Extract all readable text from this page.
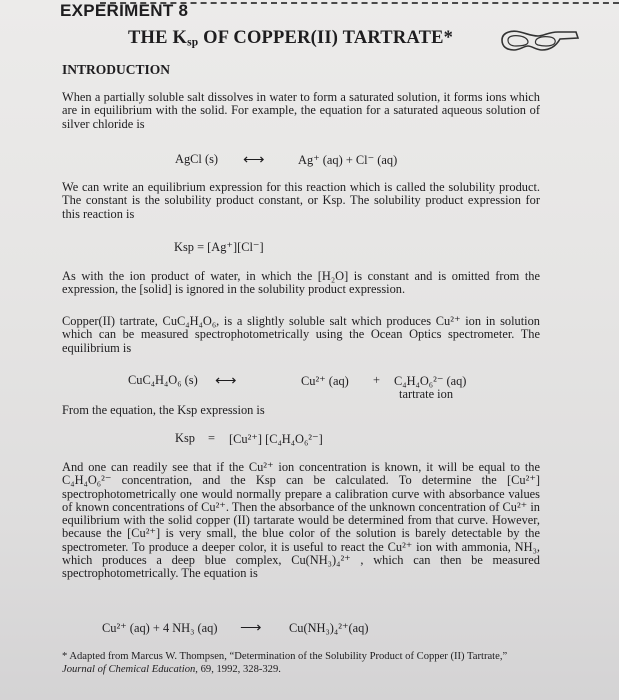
EXPERIMENT 8
THE Ksp OF COPPER(II) TARTRATE*
INTRODUCTION
When a partially soluble salt dissolves in water to form a saturated solution, it forms ions which are in equilibrium with the solid. For example, the equation for a saturated aqueous solution of silver chloride is
AgCl (s) ⟷	Ag⁺ (aq) + Cl⁻ (aq)
We can write an equilibrium expression for this reaction which is called the solubility product. The constant is the solubility product constant, or Ksp. The solubility product expression for this reaction is
Ksp = [Ag⁺][Cl⁻]
As with the ion product of water, in which the [H₂O] is constant and is omitted from the expression, the [solid] is ignored in the solubility product expression.
Copper(II) tartrate, CuC₄H₄O₆, is a slightly soluble salt which produces Cu²⁺ ion in solution which can be measured spectrophotometrically using the Ocean Optics spectrometer. The equilibrium is
CuC₄H₄O₆ (s) ⟷	Cu²⁺ (aq) + C₄H₄O₆²⁻ (aq)
tartrate ion
From the equation, the Ksp expression is
Ksp = [Cu²⁺] [C₄H₄O₆²⁻]
And one can readily see that if the Cu²⁺ ion concentration is known, it will be equal to the C₄H₄O₆²⁻ concentration, and the Ksp can be calculated. To determine the [Cu²⁺] spectrophotometrically one would normally prepare a calibration curve with absorbance values of known concentrations of Cu²⁺. Then the absorbance of the unknown concentration of Cu²⁺ in equilibrium with the solid copper (II) tartarate would be determined from that curve. However, because the [Cu²⁺] is very small, the blue color of the solution is barely detectable by the spectrometer. To produce a deeper color, it is useful to react the Cu²⁺ ion with ammonia, NH₃, which produces a deep blue complex, Cu(NH₃)₄²⁺ , which can then be measured spectrophotometrically. The equation is
Cu²⁺ (aq) + 4 NH₃ (aq) ⟶ Cu(NH₃)₄²⁺(aq)
* Adapted from Marcus W. Thompsen, “Determination of the Solubility Product of Copper (II) Tartrate,”
Journal of Chemical Education, 69, 1992, 328-329.
